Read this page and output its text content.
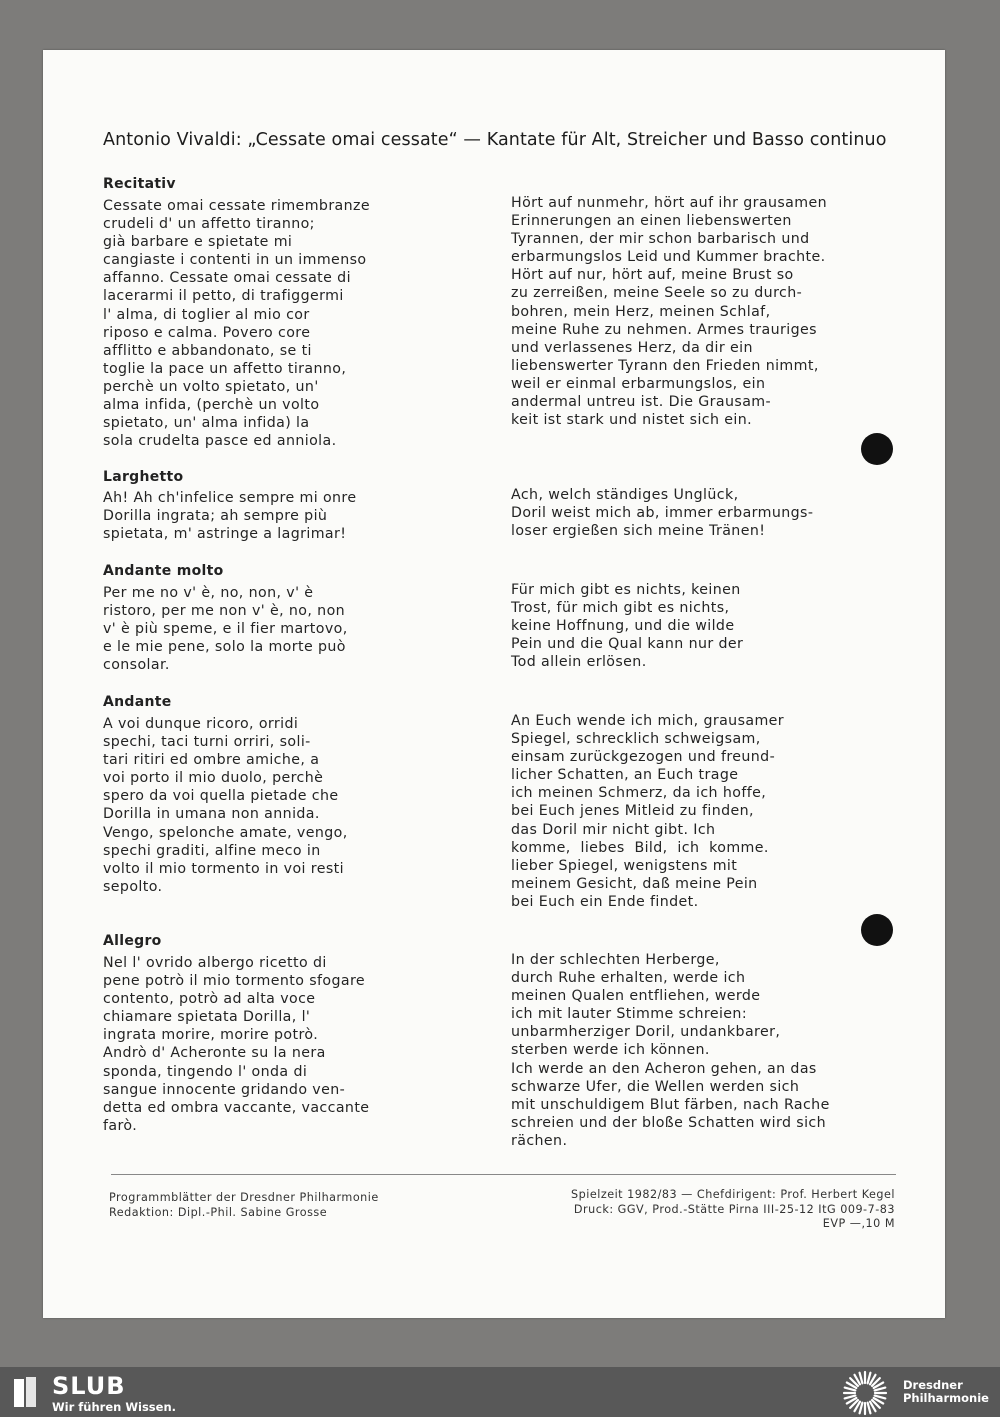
Antonio Vivaldi: „Cessate omai cessate“ — Kantate für Alt, Streicher und Basso continuo
Recitativ
Cessate omai cessate rimembranze
crudeli d' un affetto tiranno;
già barbare e spietate mi
cangiaste i contenti in un immenso
affanno. Cessate omai cessate di
lacerarmi il petto, di trafiggermi
l' alma, di toglier al mio cor
riposo e calma. Povero core
afflitto e abbandonato, se ti
toglie la pace un affetto tiranno,
perchè un volto spietato, un'
alma infida, (perchè un volto
spietato, un' alma infida) la
sola crudelta pasce ed anniola.
Hört auf nunmehr, hört auf ihr grausamen
Erinnerungen an einen liebenswerten
Tyrannen, der mir schon barbarisch und
erbarmungslos Leid und Kummer brachte.
Hört auf nur, hört auf, meine Brust so
zu zerreißen, meine Seele so zu durch-
bohren, mein Herz, meinen Schlaf,
meine Ruhe zu nehmen. Armes trauriges
und verlassenes Herz, da dir ein
liebenswerter Tyrann den Frieden nimmt,
weil er einmal erbarmungslos, ein
andermal untreu ist. Die Grausam-
keit ist stark und nistet sich ein.
Larghetto
Ah! Ah ch'infelice sempre mi onre
Dorilla ingrata; ah sempre più
spietata, m' astringe a lagrimar!
Ach, welch ständiges Unglück,
Doril weist mich ab, immer erbarmungs-
loser ergießen sich meine Tränen!
Andante molto
Per me no v' è, no, non, v' è
ristoro, per me non v' è, no, non
v' è più speme, e il fier martovo,
e le mie pene, solo la morte può
consolar.
Für mich gibt es nichts, keinen
Trost, für mich gibt es nichts,
keine Hoffnung, und die wilde
Pein und die Qual kann nur der
Tod allein erlösen.
Andante
A voi dunque ricoro, orridi
spechi, taci turni orriri, soli-
tari ritiri ed ombre amiche, a
voi porto il mio duolo, perchè
spero da voi quella pietade che
Dorilla in umana non annida.
Vengo, spelonche amate, vengo,
spechi graditi, alfine meco in
volto il mio tormento in voi resti
sepolto.
An Euch wende ich mich, grausamer
Spiegel, schrecklich schweigsam,
einsam zurückgezogen und freund-
licher Schatten, an Euch trage
ich meinen Schmerz, da ich hoffe,
bei Euch jenes Mitleid zu finden,
das Doril mir nicht gibt. Ich
komme,  liebes  Bild,  ich  komme.
lieber Spiegel, wenigstens mit
meinem Gesicht, daß meine Pein
bei Euch ein Ende findet.
Allegro
Nel l' ovrido albergo ricetto di
pene potrò il mio tormento sfogare
contento, potrò ad alta voce
chiamare spietata Dorilla, l'
ingrata morire, morire potrò.
Andrò d' Acheronte su la nera
sponda, tingendo l' onda di
sangue innocente gridando ven-
detta ed ombra vaccante, vaccante
farò.
In der schlechten Herberge,
durch Ruhe erhalten, werde ich
meinen Qualen entfliehen, werde
ich mit lauter Stimme schreien:
unbarmherziger Doril, undankbarer,
sterben werde ich können.
Ich werde an den Acheron gehen, an das
schwarze Ufer, die Wellen werden sich
mit unschuldigem Blut färben, nach Rache
schreien und der bloße Schatten wird sich
rächen.
Programmblätter der Dresdner Philharmonie
Redaktion: Dipl.-Phil. Sabine Grosse
Spielzeit 1982/83 — Chefdirigent: Prof. Herbert Kegel
Druck: GGV, Prod.-Stätte Pirna III-25-12 ItG 009-7-83
EVP —,10 M
SLUB
Wir führen Wissen.
Dresdner
Philharmonie
